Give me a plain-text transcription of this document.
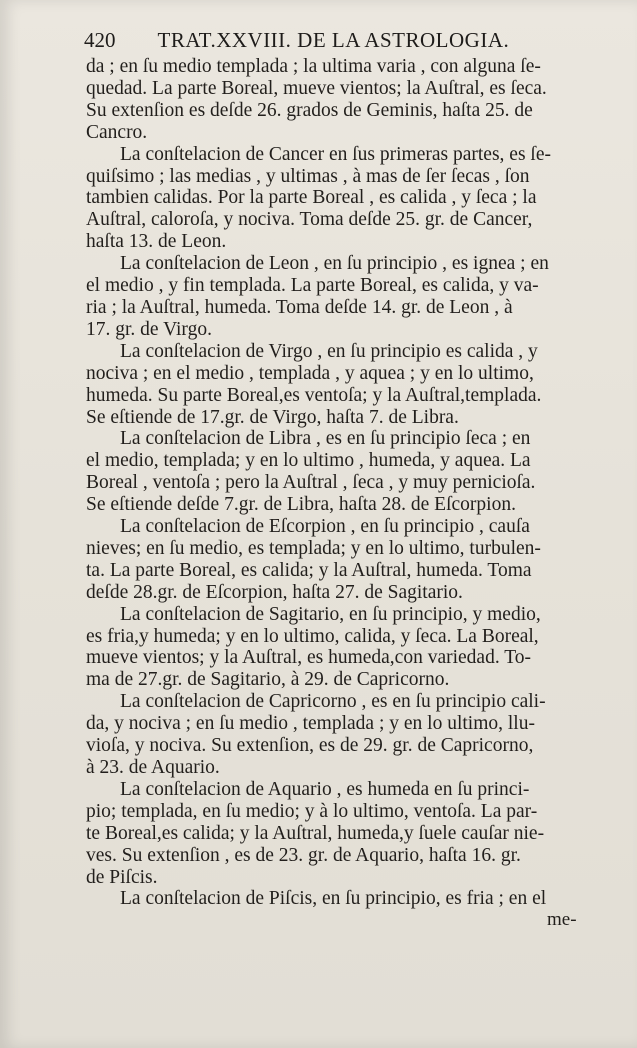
420 TRAT.XXVIII. DE LA ASTROLOGIA.
da ; en ſu medio templada ; la ultima varia , con alguna ſe-
quedad. La parte Boreal, mueve vientos; la Auſtral, es ſeca.
Su extenſion es deſde 26. grados de Geminis, haſta 25. de
Cancro.
La conſtelacion de Cancer en ſus primeras partes, es ſe-
quiſsimo ; las medias , y ultimas , à mas de ſer ſecas , ſon
tambien calidas. Por la parte Boreal , es calida , y ſeca ; la
Auſtral, caloroſa, y nociva. Toma deſde 25. gr. de Cancer,
haſta 13. de Leon.
La conſtelacion de Leon , en ſu principio , es ignea ; en
el medio , y fin templada. La parte Boreal, es calida, y va-
ria ; la Auſtral, humeda. Toma deſde 14. gr. de Leon , à
17. gr. de Virgo.
La conſtelacion de Virgo , en ſu principio es calida , y
nociva ; en el medio , templada , y aquea ; y en lo ultimo,
humeda. Su parte Boreal,es ventoſa; y la Auſtral,templada.
Se eſtiende de 17.gr. de Virgo, haſta 7. de Libra.
La conſtelacion de Libra , es en ſu principio ſeca ; en
el medio, templada; y en lo ultimo , humeda, y aquea. La
Boreal , ventoſa ; pero la Auſtral , ſeca , y muy pernicioſa.
Se eſtiende deſde 7.gr. de Libra, haſta 28. de Eſcorpion.
La conſtelacion de Eſcorpion , en ſu principio , cauſa
nieves; en ſu medio, es templada; y en lo ultimo, turbulen-
ta. La parte Boreal, es calida; y la Auſtral, humeda. Toma
deſde 28.gr. de Eſcorpion, haſta 27. de Sagitario.
La conſtelacion de Sagitario, en ſu principio, y medio,
es fria,y humeda; y en lo ultimo, calida, y ſeca. La Boreal,
mueve vientos; y la Auſtral, es humeda,con variedad. To-
ma de 27.gr. de Sagitario, à 29. de Capricorno.
La conſtelacion de Capricorno , es en ſu principio cali-
da, y nociva ; en ſu medio , templada ; y en lo ultimo, llu-
vioſa, y nociva. Su extenſion, es de 29. gr. de Capricorno,
à 23. de Aquario.
La conſtelacion de Aquario , es humeda en ſu princi-
pio; templada, en ſu medio; y à lo ultimo, ventoſa. La par-
te Boreal,es calida; y la Auſtral, humeda,y ſuele cauſar nie-
ves. Su extenſion , es de 23. gr. de Aquario, haſta 16. gr.
de Piſcis.
La conſtelacion de Piſcis, en ſu principio, es fria ; en el
me-
